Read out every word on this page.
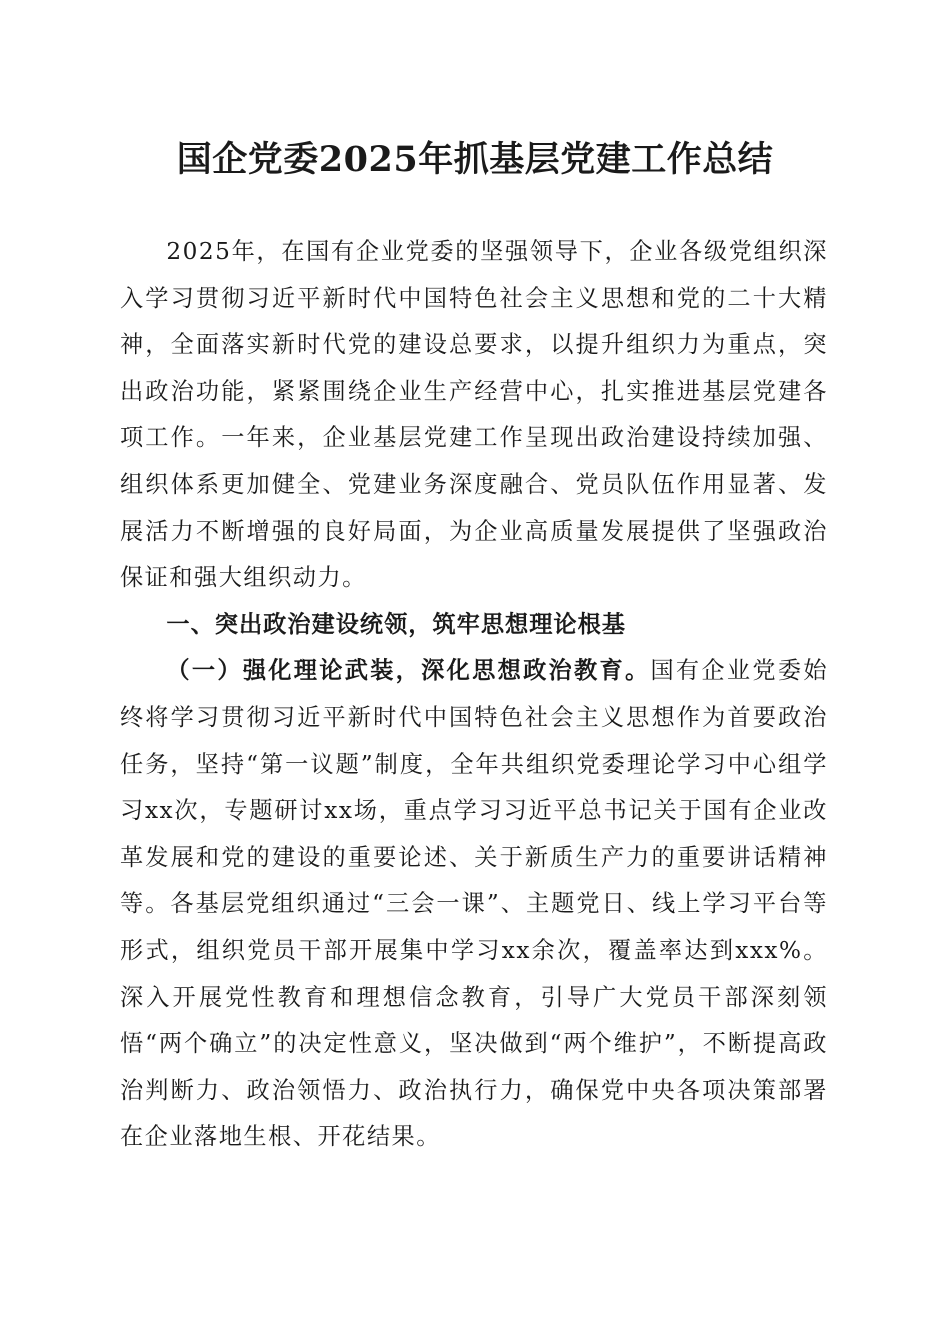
国企党委2025年抓基层党建工作总结

2025年，在国有企业党委的坚强领导下，企业各级党组织深入学习贯彻习近平新时代中国特色社会主义思想和党的二十大精神，全面落实新时代党的建设总要求，以提升组织力为重点，突出政治功能，紧紧围绕企业生产经营中心，扎实推进基层党建各项工作。一年来，企业基层党建工作呈现出政治建设持续加强、组织体系更加健全、党建业务深度融合、党员队伍作用显著、发展活力不断增强的良好局面，为企业高质量发展提供了坚强政治保证和强大组织动力。

一、突出政治建设统领，筑牢思想理论根基

（一）强化理论武装，深化思想政治教育。国有企业党委始终将学习贯彻习近平新时代中国特色社会主义思想作为首要政治任务，坚持“第一议题”制度，全年共组织党委理论学习中心组学习xx次，专题研讨xx场，重点学习习近平总书记关于国有企业改革发展和党的建设的重要论述、关于新质生产力的重要讲话精神等。各基层党组织通过“三会一课”、主题党日、线上学习平台等形式，组织党员干部开展集中学习xx余次，覆盖率达到xxx%。深入开展党性教育和理想信念教育，引导广大党员干部深刻领悟“两个确立”的决定性意义，坚决做到“两个维护”，不断提高政治判断力、政治领悟力、政治执行力，确保党中央各项决策部署在企业落地生根、开花结果。
